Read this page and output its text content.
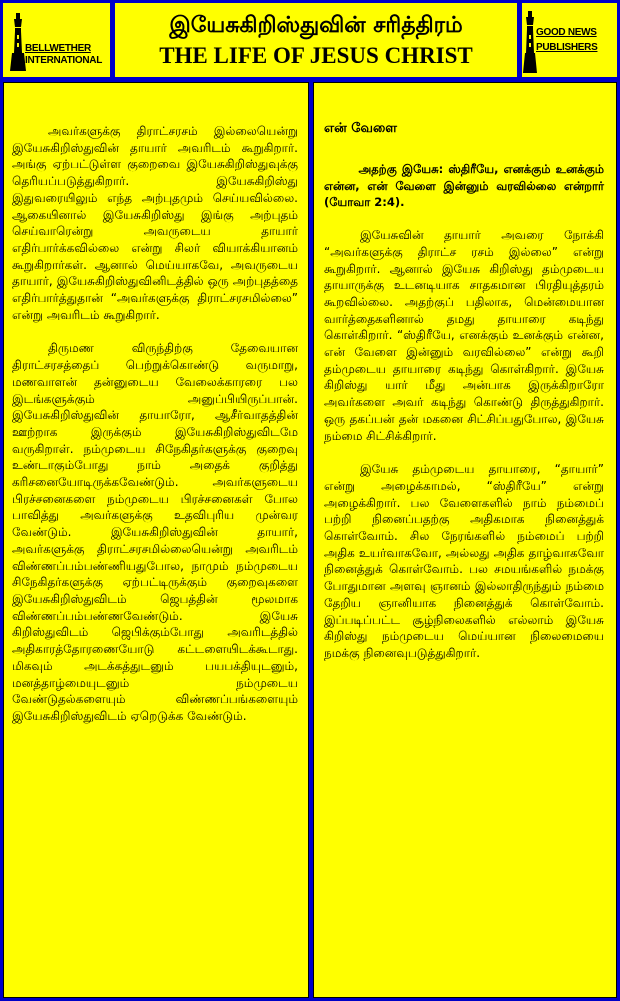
BELLWETHER
INTERNATIONAL
இயேசுகிறிஸ்துவின் சரித்திரம்
THE LIFE OF JESUS CHRIST
GOOD NEWS
PUBLISHERS

அவர்களுக்கு திராட்சரசம் இல்லையென்று இயேசுகிறிஸ்துவின் தாயார் அவரிடம் கூறுகிறார். அங்கு ஏற்பட்டுள்ள குறைவை இயேசுகிறிஸ்துவுக்கு தெரியப்படுத்துகிறார். இயேசுகிறிஸ்து இதுவரையிலும் எந்த அற்புதமும் செய்யவில்லை. ஆகையினால் இயேசுகிறிஸ்து இங்கு அற்புதம் செய்வாரென்று அவருடைய தாயார் எதிர்பார்க்கவில்லை என்று சிலர் வியாக்கியானம் கூறுகிறார்கள். ஆனால் மெய்யாகவே, அவருடைய தாயார், இயேசுகிறிஸ்துவினிடத்தில் ஒரு அற்புதத்தை எதிர்பார்த்துதான் “அவர்களுக்கு திராட்சரசமில்லை” என்று அவரிடம் கூறுகிறார்.

திருமண விருந்திற்கு தேவையான திராட்சரசத்தைப் பெற்றுக்கொண்டு வருமாறு, மணவாளன் தன்னுடைய வேலைக்காரரை பல இடங்களுக்கும் அனுப்பியிருப்பான். இயேசுகிறிஸ்துவின் தாயாரோ, ஆசீர்வாதத்தின் ஊற்றாக இருக்கும் இயேசுகிறிஸ்துவிடமே வருகிறாள். நம்முடைய சிநேகிதர்களுக்கு குறைவு உண்டாகும்போது நாம் அதைக் குறித்து கரிசனையோடிருக்கவேண்டும். அவர்களுடைய பிரச்சனைகளை நம்முடைய பிரச்சனைகள் போல பாவித்து அவர்களுக்கு உதவிபுரிய முன்வர வேண்டும். இயேசுகிறிஸ்துவின் தாயார், அவர்களுக்கு திராட்சரசமில்லையென்று அவரிடம் விண்ணப்பம்பண்ணியதுபோல, நாமும் நம்முடைய சிநேகிதர்களுக்கு ஏற்பட்டிருக்கும் குறைவுகளை இயேசுகிறிஸ்துவிடம் ஜெபத்தின் மூலமாக விண்ணப்பம்பண்ணவேண்டும். இயேசு கிறிஸ்துவிடம் ஜெபிக்கும்போது அவரிடத்தில் அதிகாரத்தோரணையோடு கட்டளையிடக்கூடாது. மிகவும் அடக்கத்துடனும் பயபக்தியுடனும், மனத்தாழ்மையுடனும் நம்முடைய வேண்டுதல்களையும் விண்ணப்பங்களையும் இயேசுகிறிஸ்துவிடம் ஏறெடுக்க வேண்டும்.

என் வேளை
அதற்கு இயேசு: ஸ்திரீயே, எனக்கும் உனக்கும் என்ன, என் வேளை இன்னும் வரவில்லை என்றார் (யோவா 2:4).

இயேசுவின் தாயார் அவரை நோக்கி “அவர்களுக்கு திராட்ச ரசம் இல்லை” என்று கூறுகிறார். ஆனால் இயேசு கிறிஸ்து தம்முடைய தாயாருக்கு உடனடியாக சாதகமான பிரதியுத்தரம் கூறவில்லை. அதற்குப் பதிலாக, மென்மையான வார்த்தைகளினால் தமது தாயாரை கடிந்து கொள்கிறார். “ஸ்திரீயே, எனக்கும் உனக்கும் என்ன, என் வேளை இன்னும் வரவில்லை” என்று கூறி தம்முடைய தாயாரை கடிந்து கொள்கிறார். இயேசு கிறிஸ்து யார் மீது அன்பாக இருக்கிறாரோ அவர்களை அவர் கடிந்து கொண்டு திருத்துகிறார். ஒரு தகப்பன் தன் மகனை சிட்சிப்பதுபோல, இயேசு நம்மை சிட்சிக்கிறார்.

இயேசு தம்முடைய தாயாரை, “தாயார்” என்று அழைக்காமல், “ஸ்திரீயே” என்று அழைக்கிறார். பல வேளைகளில் நாம் நம்மைப் பற்றி நினைப்பதற்கு அதிகமாக நினைத்துக் கொள்வோம். சில நேரங்களில் நம்மைப் பற்றி அதிக உயர்வாகவோ, அல்லது அதிக தாழ்வாகவோ நினைத்துக் கொள்வோம். பல சமயங்களில் நமக்கு போதுமான அளவு ஞானம் இல்லாதிருந்தும் நம்மை தேறிய ஞானியாக நினைத்துக் கொள்வோம். இப்படிப்பட்ட சூழ்நிலைகளில் எல்லாம் இயேசு கிறிஸ்து நம்முடைய மெய்யான நிலைமையை நமக்கு நினைவுபடுத்துகிறார்.
